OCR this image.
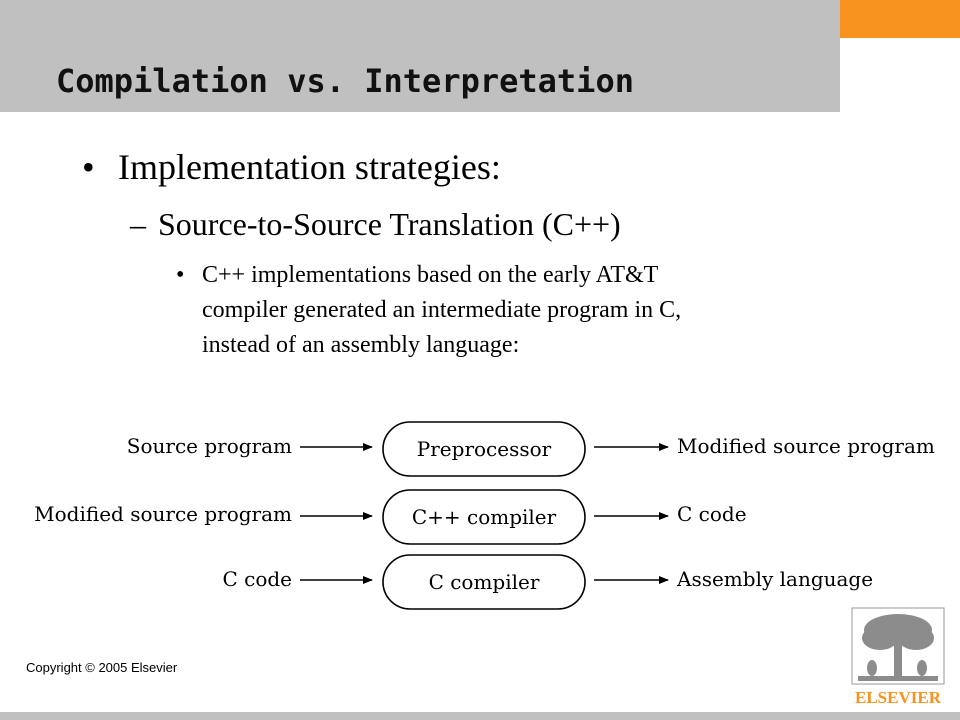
Compilation vs. Interpretation
• Implementation strategies:
– Source-to-Source Translation (C++)
• C++ implementations based on the early AT&T
compiler generated an intermediate program in C,
instead of an assembly language:
Source program	Preprocessor	Modified source program
Modified source program	C++ compiler	C code
C code	C compiler	Assembly language
Copyright © 2005 Elsevier
ELSEVIER
